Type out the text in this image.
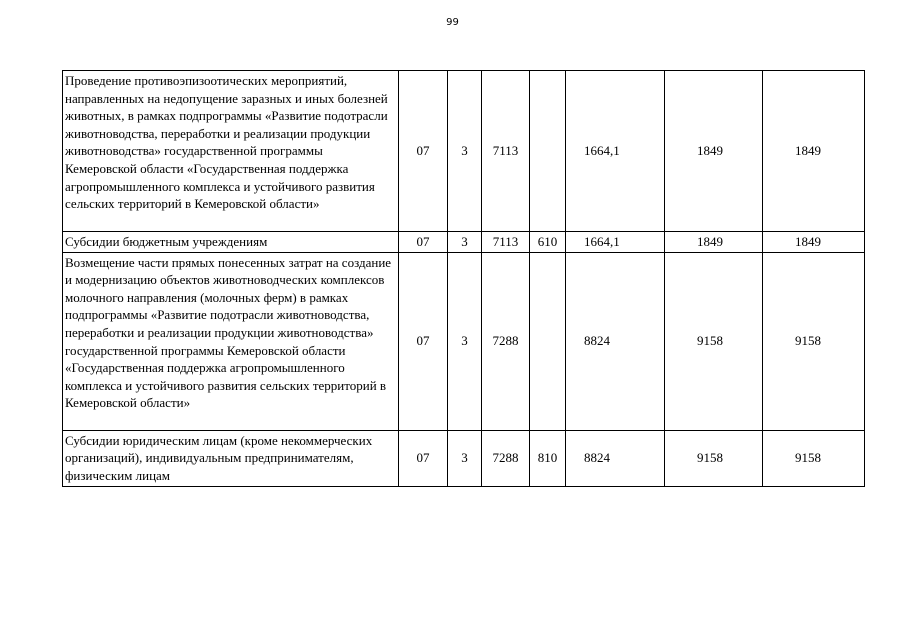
99
Проведение противоэпизоотических мероприятий, направленных на недопущение заразных и иных болезней животных, в рамках подпрограммы «Развитие подотрасли животноводства, переработки и реализации продукции животноводства» государственной программы Кемеровской области «Государственная поддержка агропромышленного комплекса и устойчивого развития сельских территорий в Кемеровской области»	07	3	7113		1664,1	1849	1849
Субсидии бюджетным учреждениям	07	3	7113	610	1664,1	1849	1849
Возмещение части прямых понесенных затрат на создание и модернизацию объектов животноводческих комплексов молочного направления (молочных ферм) в рамках подпрограммы «Развитие подотрасли животноводства, переработки и реализации продукции животноводства» государственной программы Кемеровской области «Государственная поддержка агропромышленного комплекса и устойчивого развития сельских территорий в Кемеровской области»	07	3	7288		8824	9158	9158
Субсидии юридическим лицам (кроме некоммерческих организаций), индивидуальным предпринимателям, физическим лицам	07	3	7288	810	8824	9158	9158
